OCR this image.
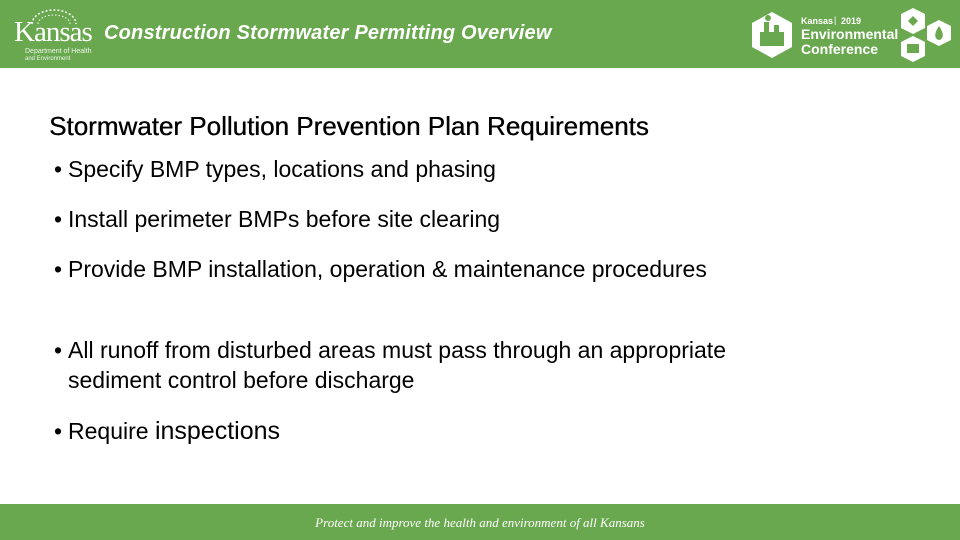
Kansas
Department of Health
and Environment
Construction Stormwater Permitting Overview
Kansas | 2019
Environmental
Conference
Stormwater Pollution Prevention Plan Requirements
• Specify BMP types, locations and phasing
• Install perimeter BMPs before site clearing
• Provide BMP installation, operation & maintenance procedures
• All runoff from disturbed areas must pass through an appropriate sediment control before discharge
• Require inspections
Protect and improve the health and environment of all Kansans
